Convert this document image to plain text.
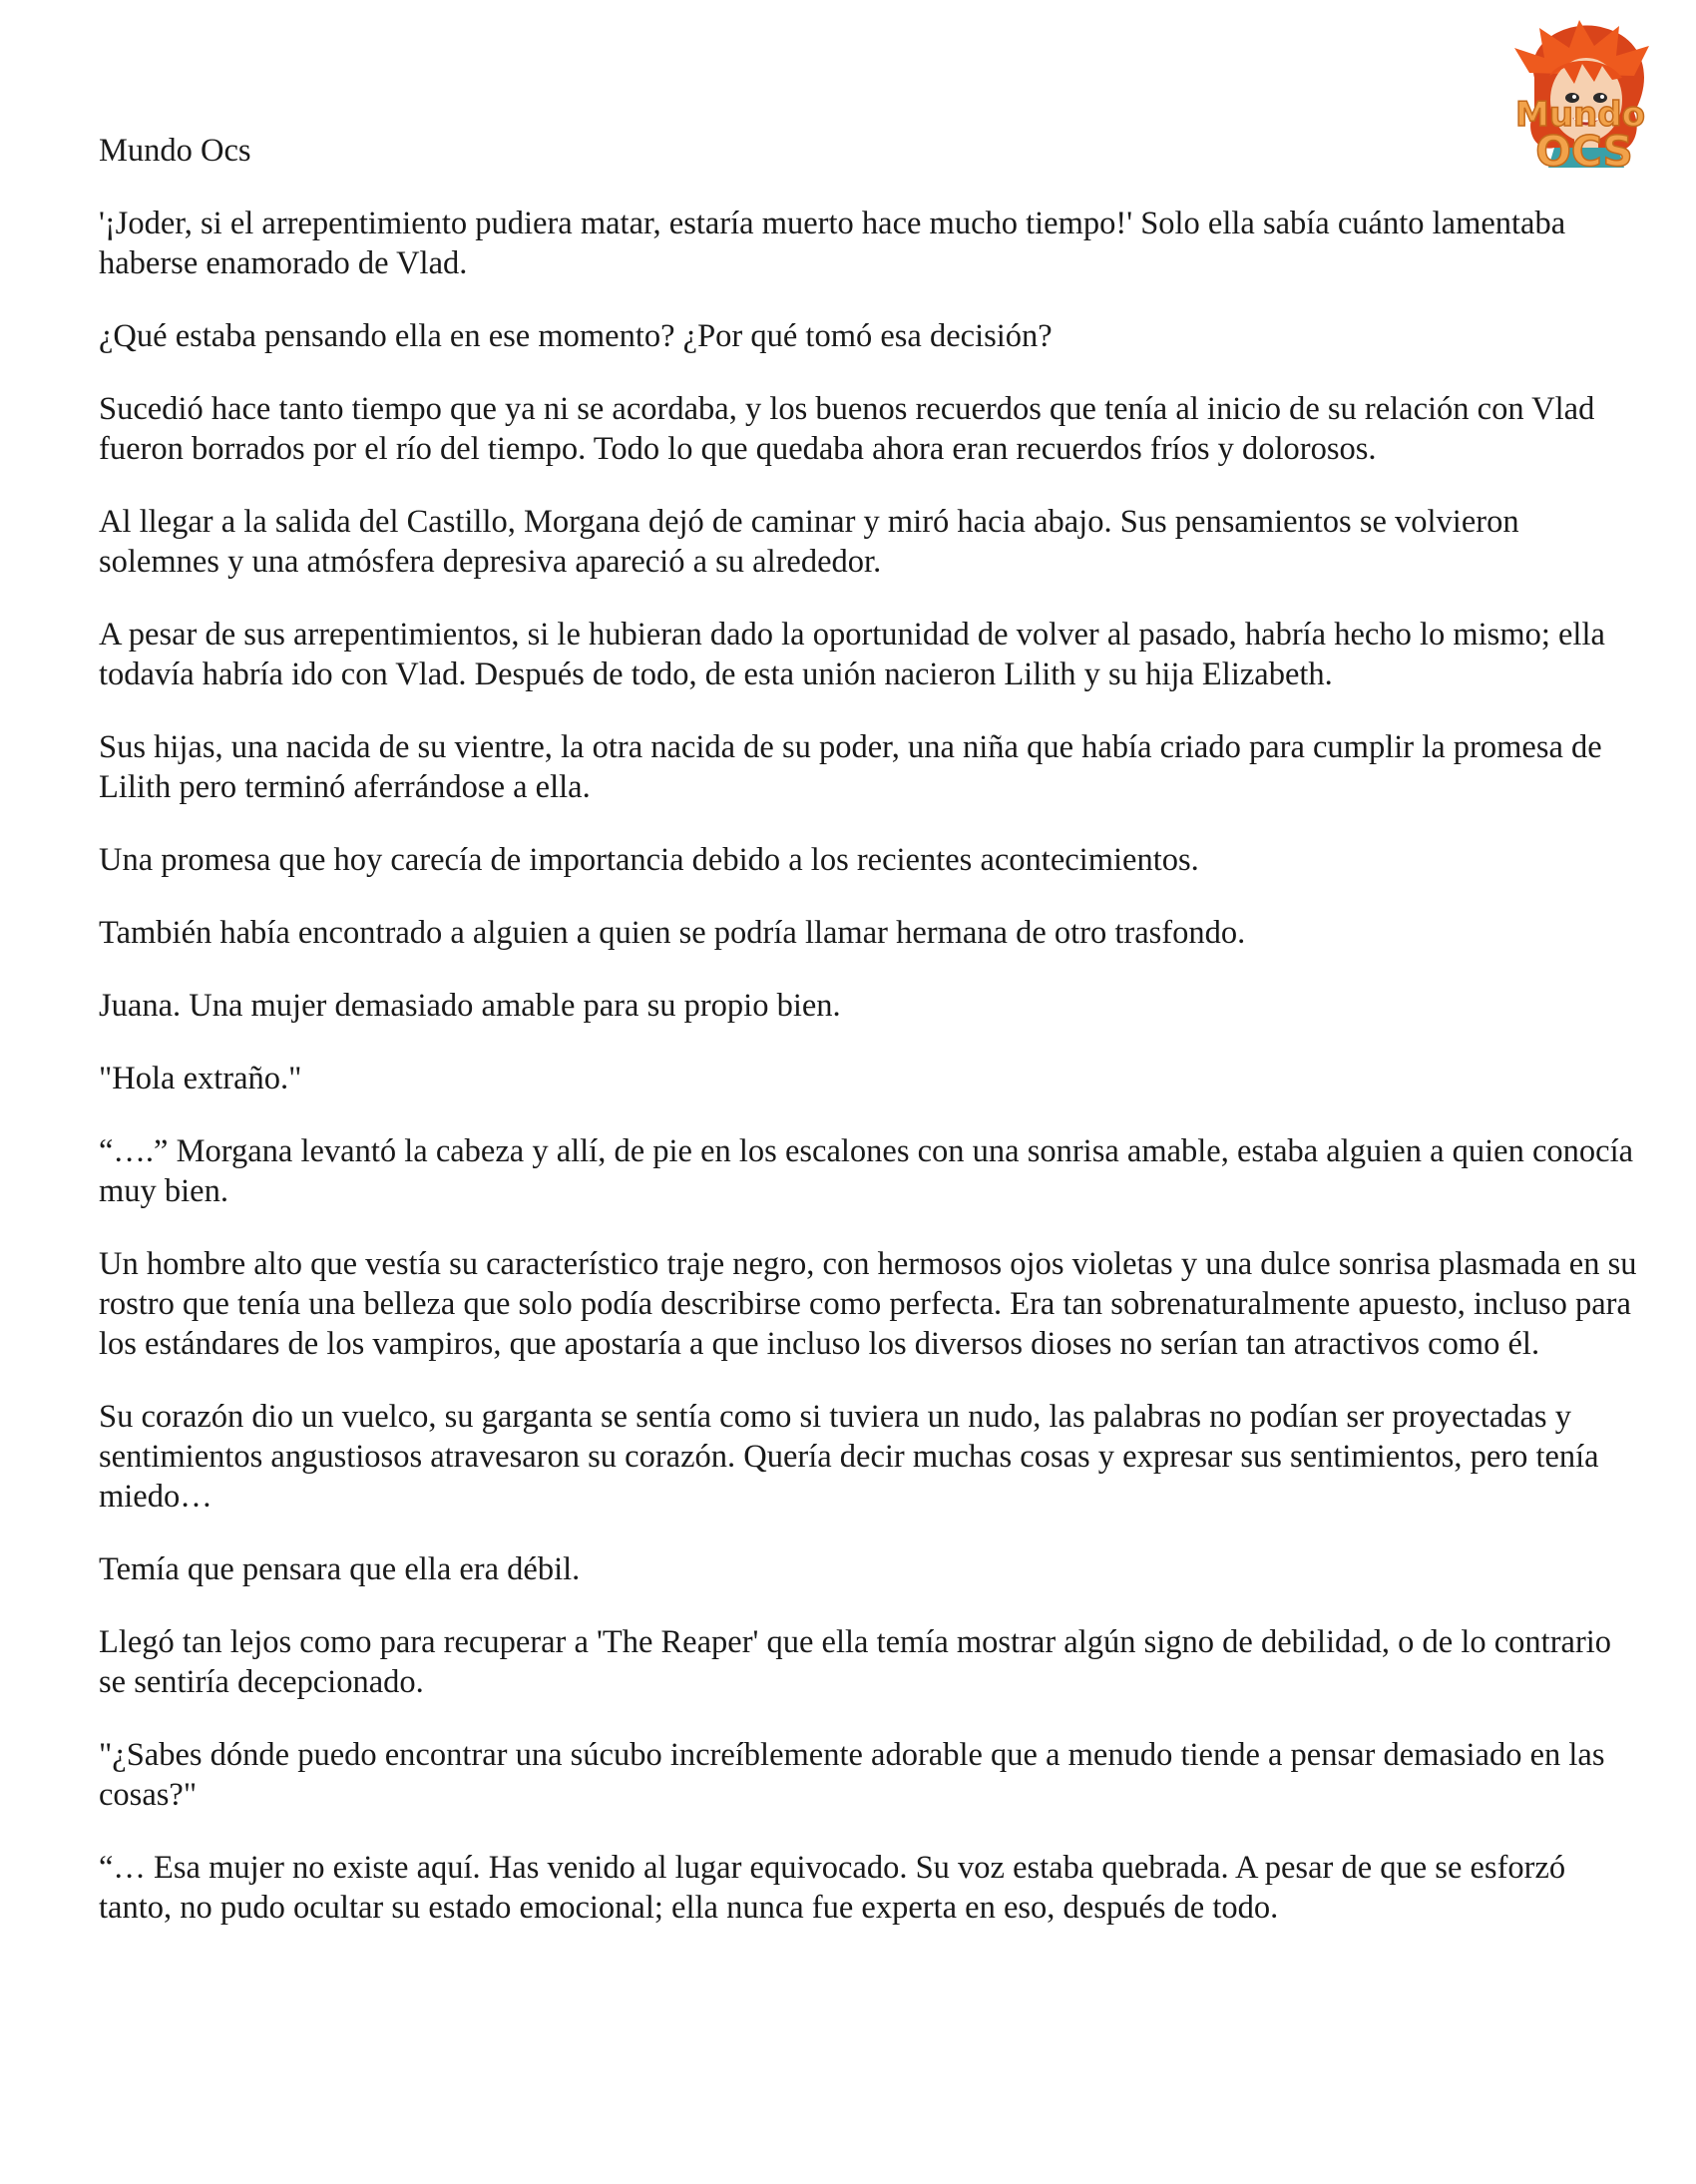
Mundo
OCS

Mundo Ocs

'¡Joder, si el arrepentimiento pudiera matar, estaría muerto hace mucho tiempo!' Solo ella sabía cuánto lamentaba haberse enamorado de Vlad.

¿Qué estaba pensando ella en ese momento? ¿Por qué tomó esa decisión?

Sucedió hace tanto tiempo que ya ni se acordaba, y los buenos recuerdos que tenía al inicio de su relación con Vlad fueron borrados por el río del tiempo. Todo lo que quedaba ahora eran recuerdos fríos y dolorosos.

Al llegar a la salida del Castillo, Morgana dejó de caminar y miró hacia abajo. Sus pensamientos se volvieron solemnes y una atmósfera depresiva apareció a su alrededor.

A pesar de sus arrepentimientos, si le hubieran dado la oportunidad de volver al pasado, habría hecho lo mismo; ella todavía habría ido con Vlad. Después de todo, de esta unión nacieron Lilith y su hija Elizabeth.

Sus hijas, una nacida de su vientre, la otra nacida de su poder, una niña que había criado para cumplir la promesa de Lilith pero terminó aferrándose a ella.

Una promesa que hoy carecía de importancia debido a los recientes acontecimientos.

También había encontrado a alguien a quien se podría llamar hermana de otro trasfondo.

Juana. Una mujer demasiado amable para su propio bien.

"Hola extraño."

“….” Morgana levantó la cabeza y allí, de pie en los escalones con una sonrisa amable, estaba alguien a quien conocía muy bien.

Un hombre alto que vestía su característico traje negro, con hermosos ojos violetas y una dulce sonrisa plasmada en su rostro que tenía una belleza que solo podía describirse como perfecta. Era tan sobrenaturalmente apuesto, incluso para los estándares de los vampiros, que apostaría a que incluso los diversos dioses no serían tan atractivos como él.

Su corazón dio un vuelco, su garganta se sentía como si tuviera un nudo, las palabras no podían ser proyectadas y sentimientos angustiosos atravesaron su corazón. Quería decir muchas cosas y expresar sus sentimientos, pero tenía miedo…

Temía que pensara que ella era débil.

Llegó tan lejos como para recuperar a 'The Reaper' que ella temía mostrar algún signo de debilidad, o de lo contrario se sentiría decepcionado.

"¿Sabes dónde puedo encontrar una súcubo increíblemente adorable que a menudo tiende a pensar demasiado en las cosas?"

“… Esa mujer no existe aquí. Has venido al lugar equivocado. Su voz estaba quebrada. A pesar de que se esforzó tanto, no pudo ocultar su estado emocional; ella nunca fue experta en eso, después de todo.
